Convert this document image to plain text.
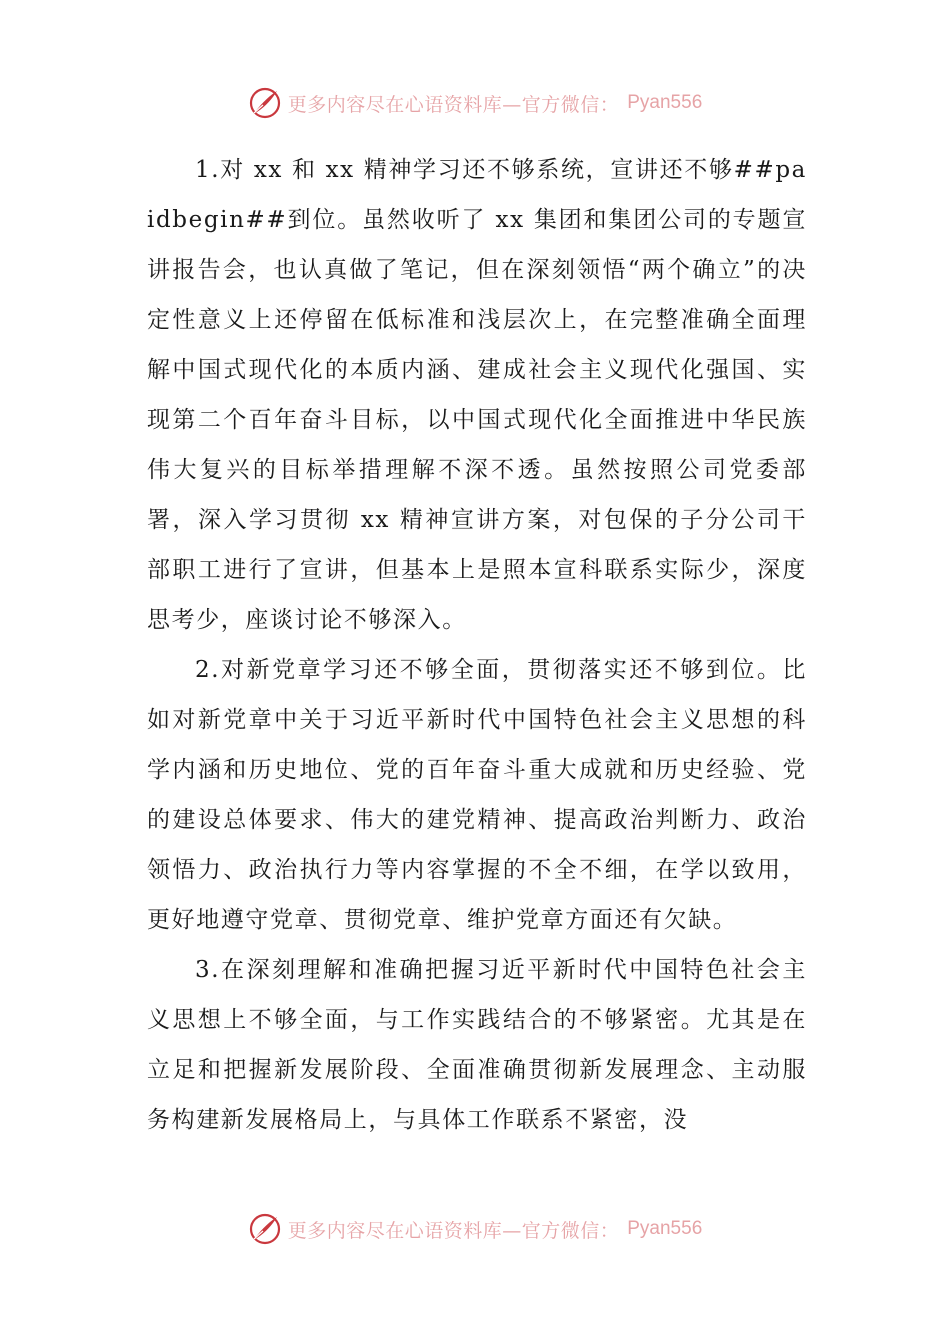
更多内容尽在心语资料库—官方微信： Pyan556

1.对 xx 和 xx 精神学习还不够系统，宣讲还不够##paidbegin##到位。虽然收听了 xx 集团和集团公司的专题宣讲报告会，也认真做了笔记，但在深刻领悟“两个确立”的决定性意义上还停留在低标准和浅层次上，在完整准确全面理解中国式现代化的本质内涵、建成社会主义现代化强国、实现第二个百年奋斗目标，以中国式现代化全面推进中华民族伟大复兴的目标举措理解不深不透。虽然按照公司党委部署，深入学习贯彻 xx 精神宣讲方案，对包保的子分公司干部职工进行了宣讲，但基本上是照本宣科联系实际少，深度思考少，座谈讨论不够深入。

2.对新党章学习还不够全面，贯彻落实还不够到位。比如对新党章中关于习近平新时代中国特色社会主义思想的科学内涵和历史地位、党的百年奋斗重大成就和历史经验、党的建设总体要求、伟大的建党精神、提高政治判断力、政治领悟力、政治执行力等内容掌握的不全不细，在学以致用，更好地遵守党章、贯彻党章、维护党章方面还有欠缺。

3.在深刻理解和准确把握习近平新时代中国特色社会主义思想上不够全面，与工作实践结合的不够紧密。尤其是在立足和把握新发展阶段、全面准确贯彻新发展理念、主动服务构建新发展格局上，与具体工作联系不紧密，没

更多内容尽在心语资料库—官方微信： Pyan556
